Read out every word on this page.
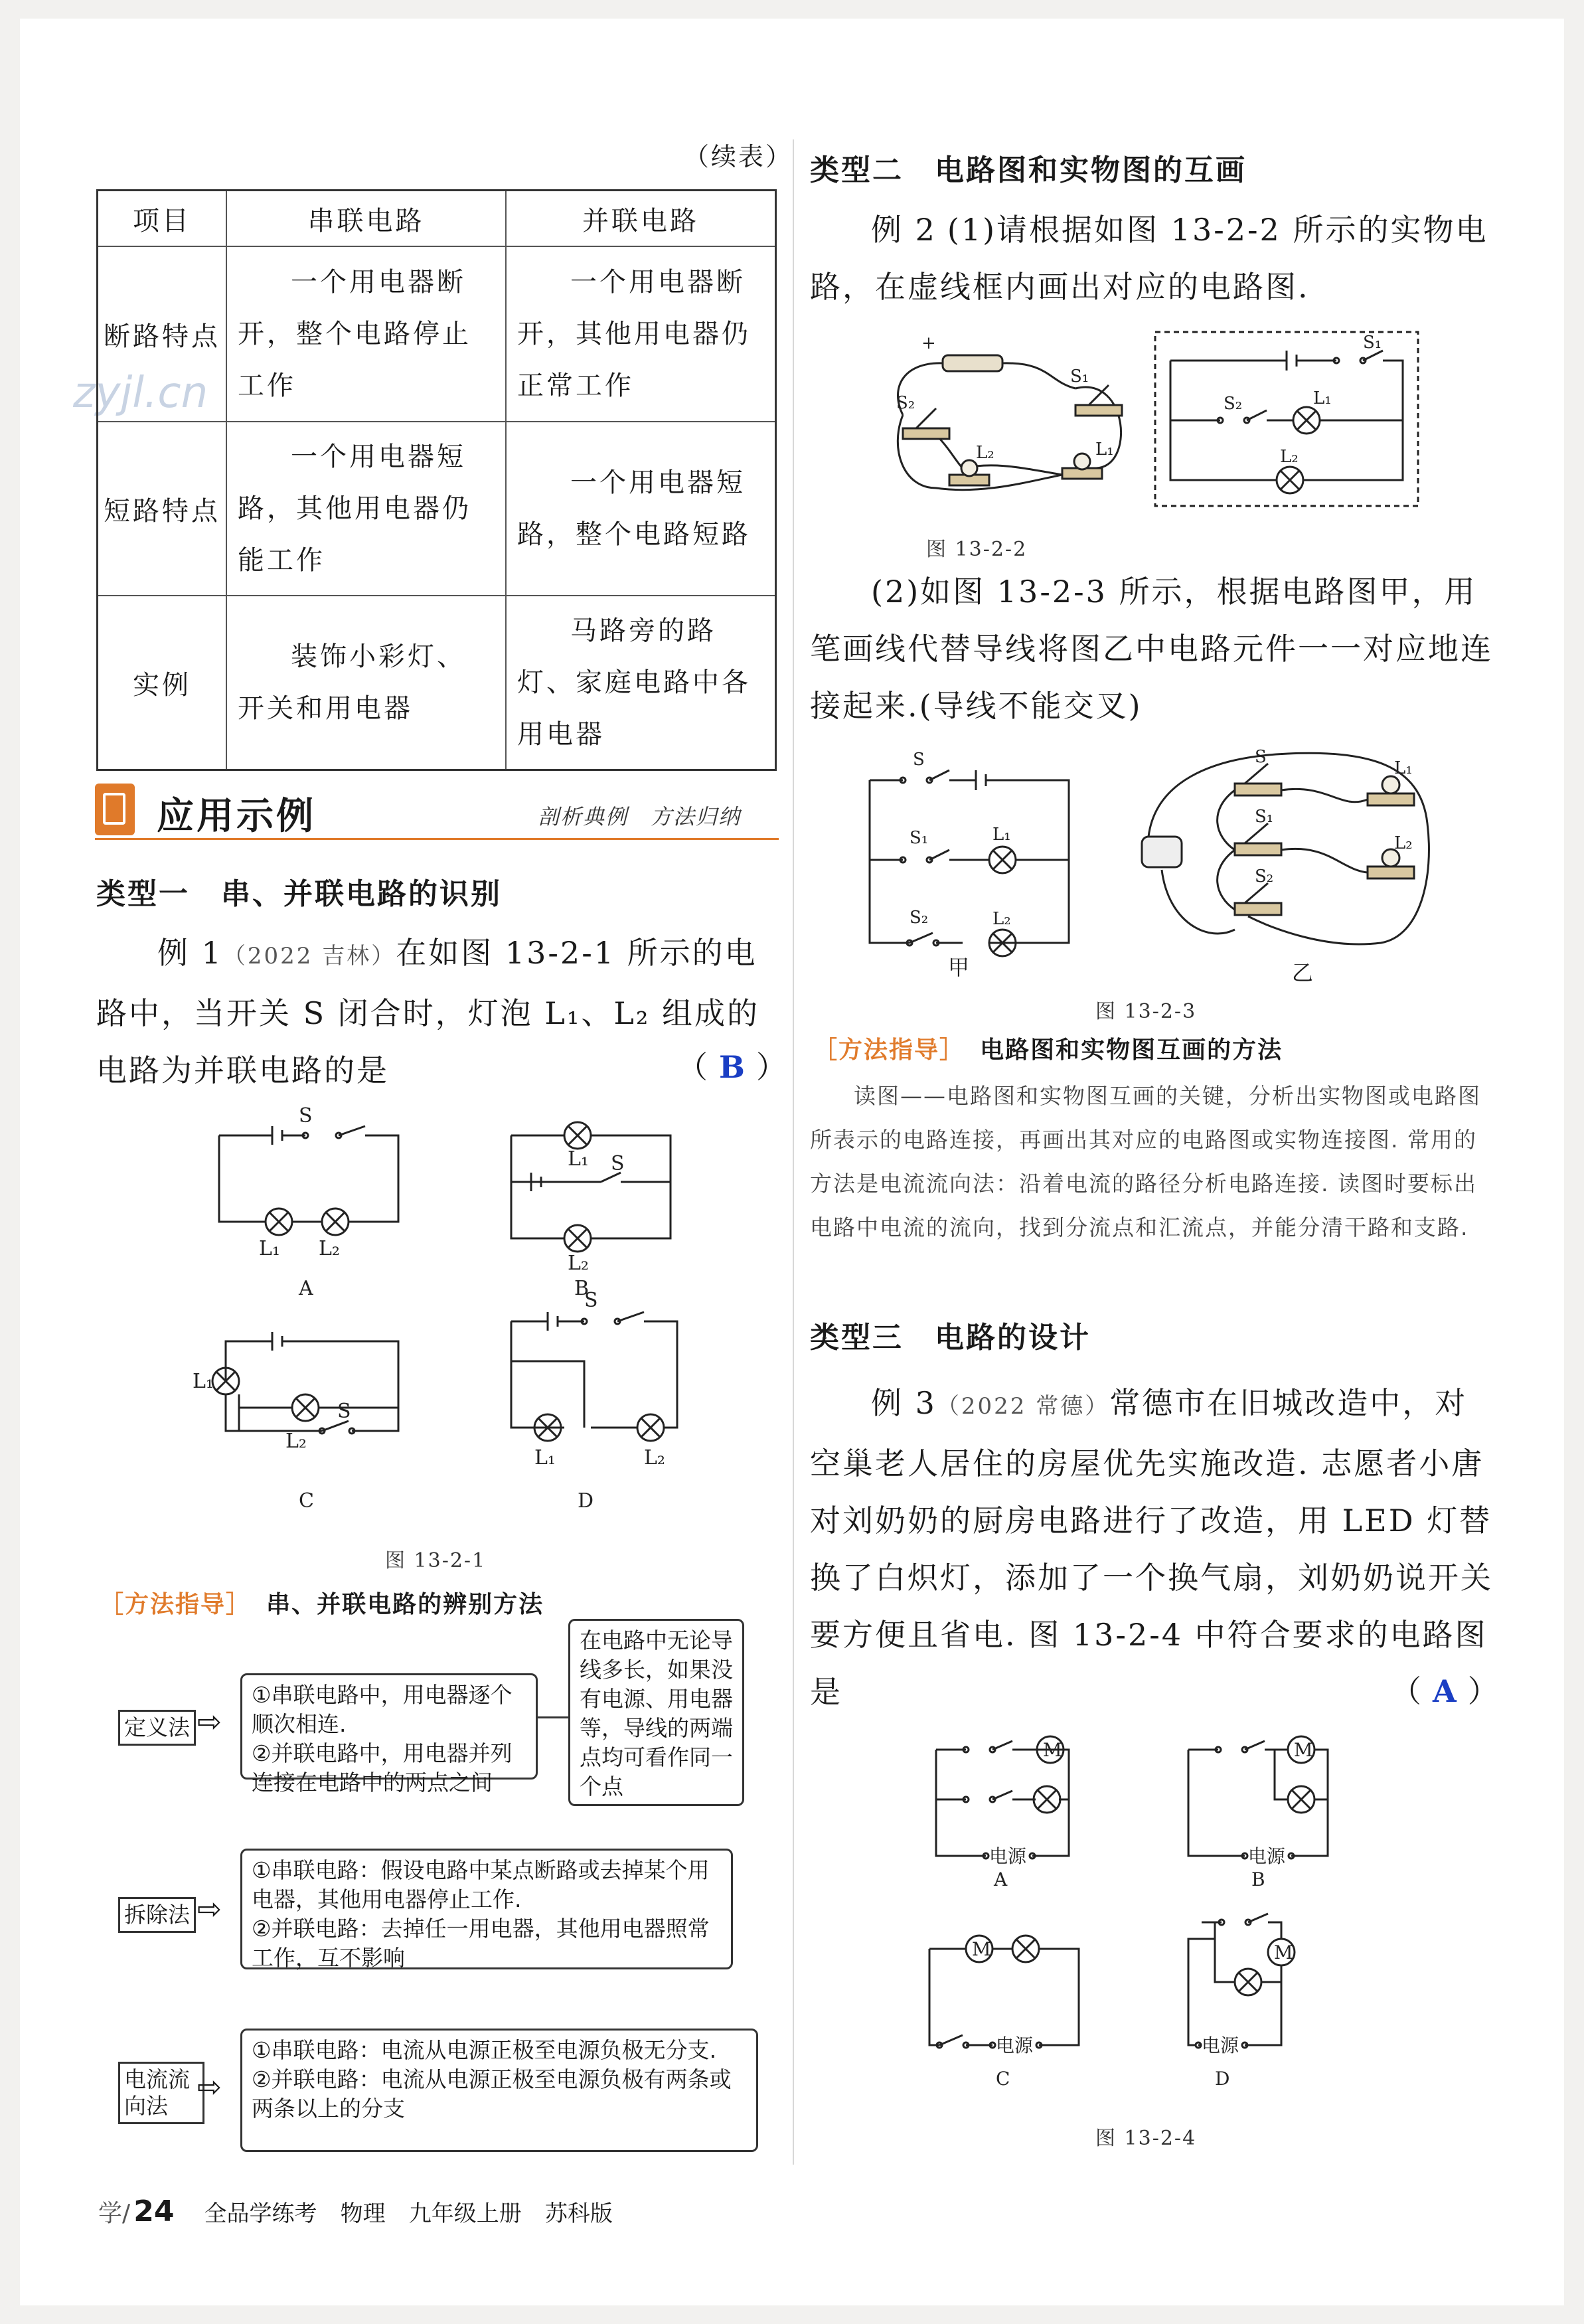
zyjl.cn
（续表）
项目	串联电路	并联电路
断路特点	一个用电器断开，整个电路停止工作	一个用电器断开，其他用电器仍正常工作
短路特点	一个用电器短路，其他用电器仍能工作	一个用电器短路，整个电路短路
实例	装饰小彩灯、开关和用电器	马路旁的路灯、家庭电路中各用电器
应用示例	剖析典例　方法归纳
类型一　串、并联电路的识别
例 1（2022 吉林）在如图 13-2-1 所示的电路中，当开关 S 闭合时，灯泡 L₁、L₂ 组成的电路为并联电路的是	（ B ）
S
L₁ L₂
A
L₁ S
L₂
B
L₁
L₂
S
C
S
L₁	L₂
D
图 13-2-1
［方法指导］ 串、并联电路的辨别方法
定义法 ⇨
①串联电路中，用电器逐个顺次相连.
②并联电路中，用电器并列连接在电路中的两点之间
在电路中无论导线多长，如果没有电源、用电器等，导线的两端点均可看作同一个点
拆除法 ⇨
①串联电路：假设电路中某点断路或去掉某个用电器，其他用电器停止工作.
②并联电路：去掉任一用电器，其他用电器照常工作，互不影响
电流流向法
⇨
①串联电路：电流从电源正极至电源负极无分支.
②并联电路：电流从电源正极至电源负极有两条或两条以上的分支
类型二　电路图和实物图的互画
例 2 (1)请根据如图 13-2-2 所示的实物电路，在虚线框内画出对应的电路图.
+
S₂
S₁
L₂	L₁
S₁
S₂	L₁
L₂
图 13-2-2
(2)如图 13-2-3 所示，根据电路图甲，用笔画线代替导线将图乙中电路元件一一对应地连接起来.(导线不能交叉)
S
S₁	L₁
S₂	L₂
甲
S
S₁
S₂
L₁
L₂
乙
图 13-2-3
［方法指导］ 电路图和实物图互画的方法
读图——电路图和实物图互画的关键，分析出实物图或电路图所表示的电路连接，再画出其对应的电路图或实物连接图. 常用的方法是电流流向法：沿着电流的路径分析电路连接. 读图时要标出电路中电流的流向，找到分流点和汇流点，并能分清干路和支路.
类型三　电路的设计
例 3（2022 常德）常德市在旧城改造中，对空巢老人居住的房屋优先实施改造. 志愿者小唐对刘奶奶的厨房电路进行了改造，用 LED 灯替换了白炽灯，添加了一个换气扇，刘奶奶说开关要方便且省电. 图 13-2-4 中符合要求的电路图是	（ A ）
M
电源
A
M
电源
B
M
电源
C
M
电源
D
图 13-2-4
学/ 24 全品学练考 物理 九年级上册 苏科版
